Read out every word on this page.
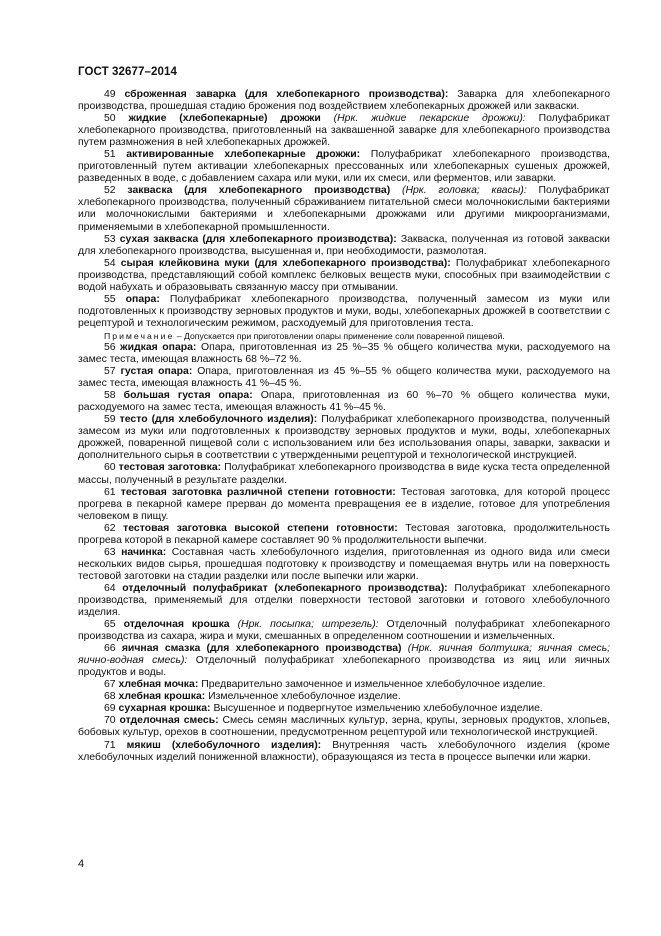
ГОСТ 32677–2014

49 сброженная заварка (для хлебопекарного производства): Заварка для хлебопекарного производства, прошедшая стадию брожения под воздействием хлебопекарных дрожжей или закваски.

50 жидкие (хлебопекарные) дрожжи (Нрк. жидкие пекарские дрожжи): Полуфабрикат хлебопекарного производства, приготовленный на заквашенной заварке для хлебопекарного производства путем размножения в ней хлебопекарных дрожжей.

51 активированные хлебопекарные дрожжи: Полуфабрикат хлебопекарного производства, приготовленный путем активации хлебопекарных прессованных или хлебопекарных сушеных дрожжей, разведенных в воде, с добавлением сахара или муки, или их смеси, или ферментов, или заварки.

52 закваска (для хлебопекарного производства) (Нрк. головка; квасы): Полуфабрикат хлебопекарного производства, полученный сбраживанием питательной смеси молочнокислыми бактериями или молочнокислыми бактериями и хлебопекарными дрожжами или другими микроорганизмами, применяемыми в хлебопекарной промышленности.

53 сухая закваска (для хлебопекарного производства): Закваска, полученная из готовой закваски для хлебопекарного производства, высушенная и, при необходимости, размолотая.

54 сырая клейковина муки (для хлебопекарного производства): Полуфабрикат хлебопекарного производства, представляющий собой комплекс белковых веществ муки, способных при взаимодействии с водой набухать и образовывать связанную массу при отмывании.

55 опара: Полуфабрикат хлебопекарного производства, полученный замесом из муки или подготовленных к производству зерновых продуктов и муки, воды, хлебопекарных дрожжей в соответствии с рецептурой и технологическим режимом, расходуемый для приготовления теста.

Примечание – Допускается при приготовлении опары применение соли поваренной пищевой.

56 жидкая опара: Опара, приготовленная из 25 %–35 % общего количества муки, расходуемого на замес теста, имеющая влажность 68 %–72 %.

57 густая опара: Опара, приготовленная из 45 %–55 % общего количества муки, расходуемого на замес теста, имеющая влажность 41 %–45 %.

58 большая густая опара: Опара, приготовленная из 60 %–70 % общего количества муки, расходуемого на замес теста, имеющая влажность 41 %–45 %.

59 тесто (для хлебобулочного изделия): Полуфабрикат хлебопекарного производства, полученный замесом из муки или подготовленных к производству зерновых продуктов и муки, воды, хлебопекарных дрожжей, поваренной пищевой соли с использованием или без использования опары, заварки, закваски и дополнительного сырья в соответствии с утвержденными рецептурой и технологической инструкцией.

60 тестовая заготовка: Полуфабрикат хлебопекарного производства в виде куска теста определенной массы, полученный в результате разделки.

61 тестовая заготовка различной степени готовности: Тестовая заготовка, для которой процесс прогрева в пекарной камере прерван до момента превращения ее в изделие, готовое для употребления человеком в пищу.

62 тестовая заготовка высокой степени готовности: Тестовая заготовка, продолжительность прогрева которой в пекарной камере составляет 90 % продолжительности выпечки.

63 начинка: Составная часть хлебобулочного изделия, приготовленная из одного вида или смеси нескольких видов сырья, прошедшая подготовку к производству и помещаемая внутрь или на поверхность тестовой заготовки на стадии разделки или после выпечки или жарки.

64 отделочный полуфабрикат (хлебопекарного производства): Полуфабрикат хлебопекарного производства, применяемый для отделки поверхности тестовой заготовки и готового хлебобулочного изделия.

65 отделочная крошка (Нрк. посыпка; штрезель): Отделочный полуфабрикат хлебопекарного производства из сахара, жира и муки, смешанных в определенном соотношении и измельченных.

66 яичная смазка (для хлебопекарного производства) (Нрк. яичная болтушка; яичная смесь; яично-водная смесь): Отделочный полуфабрикат хлебопекарного производства из яиц или яичных продуктов и воды.

67 хлебная мочка: Предварительно замоченное и измельченное хлебобулочное изделие.

68 хлебная крошка: Измельченное хлебобулочное изделие.

69 сухарная крошка: Высушенное и подвергнутое измельчению хлебобулочное изделие.

70 отделочная смесь: Смесь семян масличных культур, зерна, крупы, зерновых продуктов, хлопьев, бобовых культур, орехов в соотношении, предусмотренном рецептурой или технологической инструкцией.

71 мякиш (хлебобулочного изделия): Внутренняя часть хлебобулочного изделия (кроме хлебобулочных изделий пониженной влажности), образующаяся из теста в процессе выпечки или жарки.

4
